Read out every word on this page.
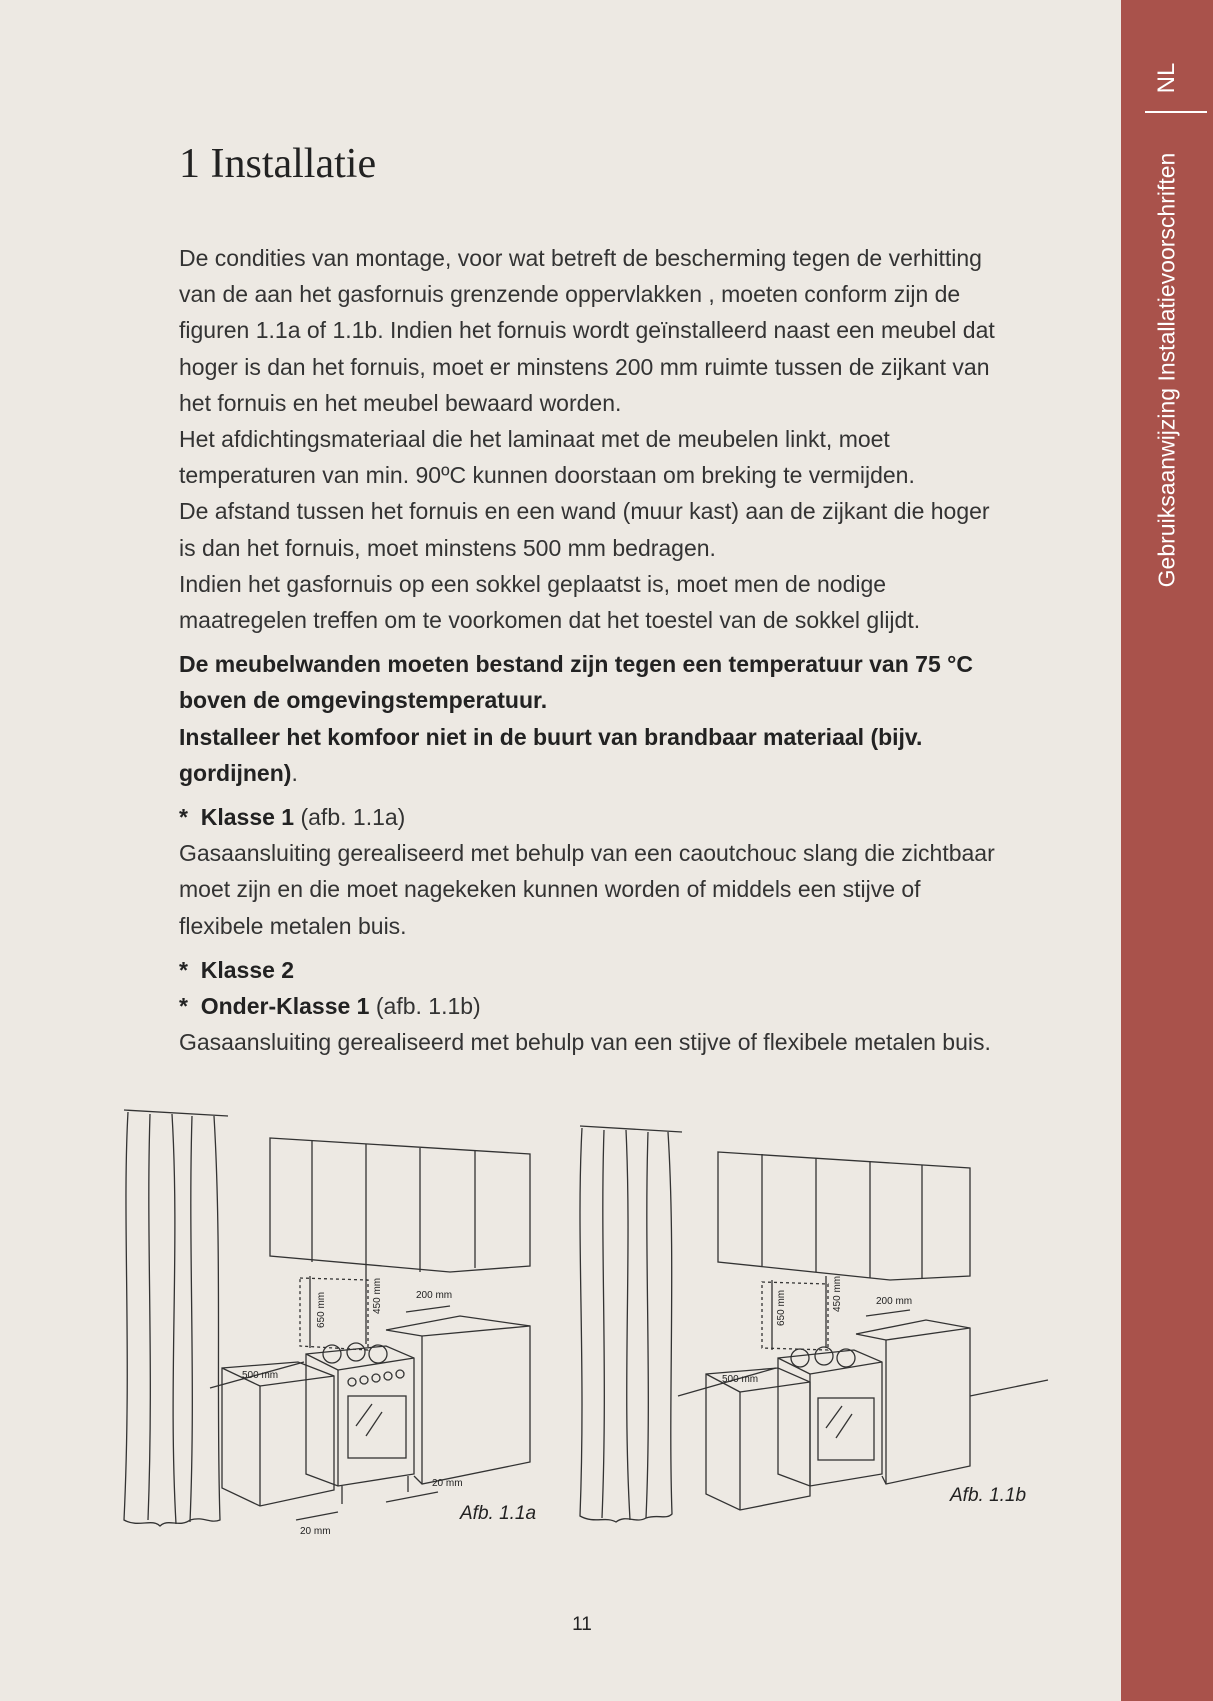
NL
Gebruiksaanwijzing Installatievoorschriften
1 Installatie

De condities van montage, voor wat betreft de bescherming tegen de verhitting van de aan het gasfornuis grenzende oppervlakken , moeten conform zijn de figuren 1.1a of 1.1b. Indien het fornuis wordt geïnstalleerd naast een meubel dat hoger is dan het fornuis, moet er minstens 200 mm ruimte tussen de zijkant van het fornuis en het meubel bewaard worden.

Het afdichtingsmateriaal die het laminaat met de meubelen linkt, moet temperaturen van min. 90ºC kunnen doorstaan om breking te vermijden.

De afstand tussen het fornuis en een wand (muur kast) aan de zijkant die hoger is dan het fornuis, moet minstens 500 mm bedragen.

Indien het gasfornuis op een sokkel geplaatst is, moet men de nodige maatregelen treffen om te voorkomen dat het toestel van de sokkel glijdt.

De meubelwanden moeten bestand zijn tegen een temperatuur van 75 °C boven de omgevingstemperatuur.
Installeer het komfoor niet in de buurt van brandbaar materiaal (bijv. gordijnen).

* Klasse 1 (afb. 1.1a)

Gasaansluiting gerealiseerd met behulp van een caoutchouc slang die zichtbaar moet zijn en die moet nagekeken kunnen worden of middels een stijve of flexibele metalen buis.

* Klasse 2

* Onder-Klasse 1 (afb. 1.1b)

Gasaansluiting gerealiseerd met behulp van een stijve of flexibele metalen buis.

650 mm	450 mm	200 mm
500 mm
20 mm
20 mm
650 mm	450 mm	200 mm
500 mm
Afb. 1.1a
Afb. 1.1b
11
